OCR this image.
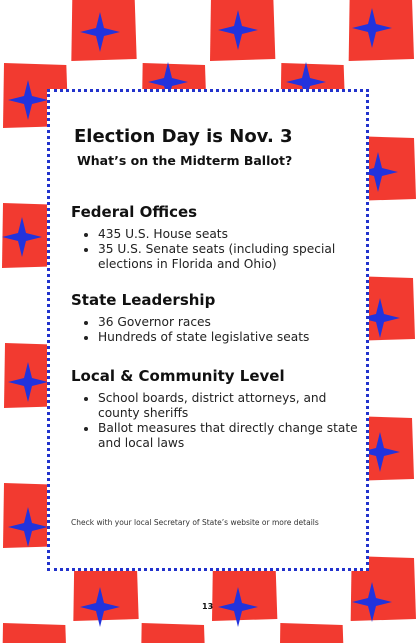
Election Day is Nov. 3
What’s on the Midterm Ballot?
Federal Offices
• 435 U.S. House seats
• 35 U.S. Senate seats (including special elections in Florida and Ohio)
State Leadership
• 36 Governor races
• Hundreds of state legislative seats
Local & Community Level
• School boards, district attorneys, and county sheriffs
• Ballot measures that directly change state and local laws

Check with your local Secretary of State’s website or more details

13
